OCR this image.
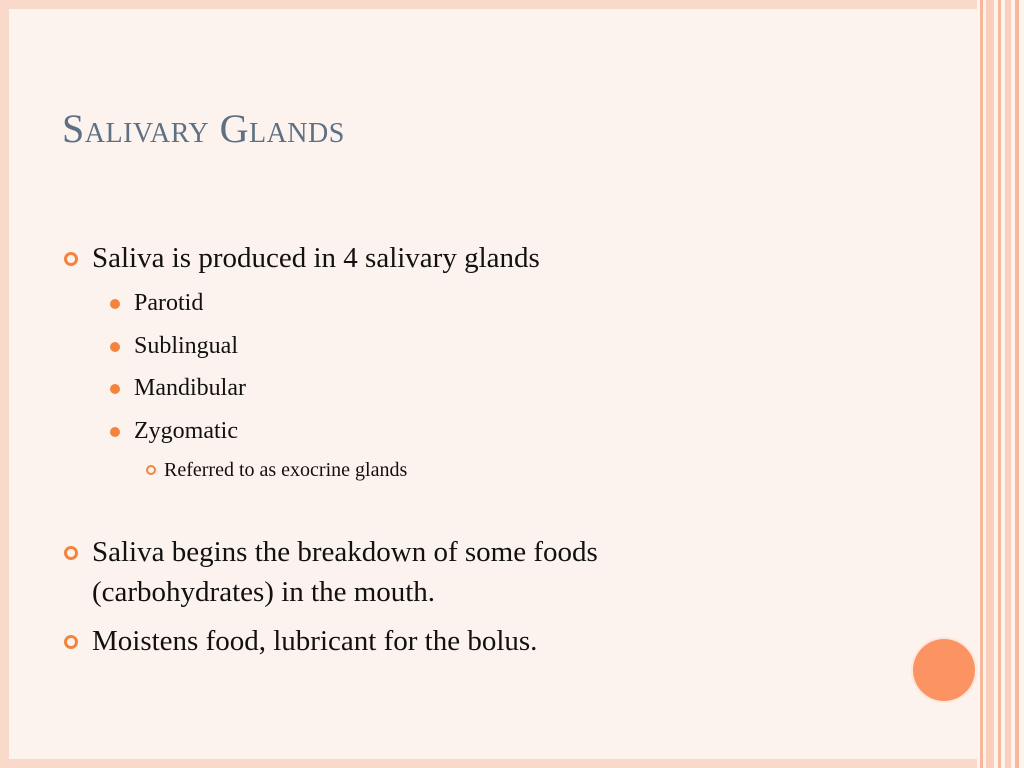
Salivary Glands
Saliva is produced in 4 salivary glands
Parotid
Sublingual
Mandibular
Zygomatic
Referred to as exocrine glands
Saliva begins the breakdown of some foods
(carbohydrates) in the mouth.
Moistens food, lubricant for the bolus.
